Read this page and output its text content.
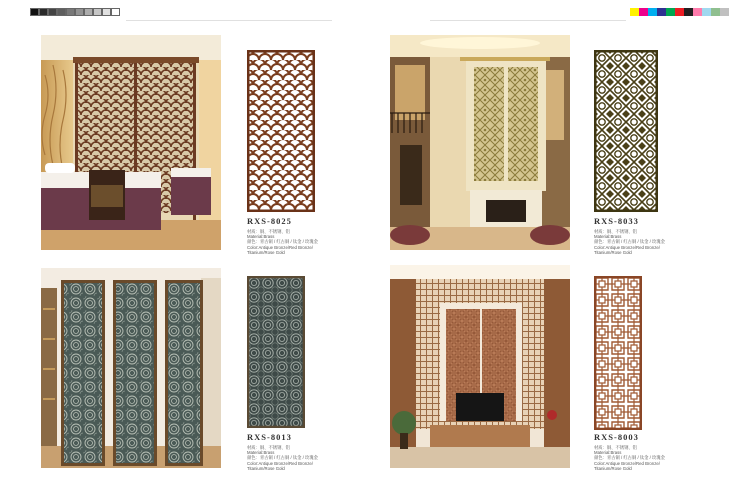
RXS-8025
材质：铜、不锈钢、铝
Material:Brass
颜色：青古铜 / 红古铜 / 钛金 / 玫瑰金
Color:Antique Bronze/Red Bronze/
Titanium/Rose Gold
RXS-8033
材质：铜、不锈钢、铝
Material:Brass
颜色：青古铜 / 红古铜 / 钛金 / 玫瑰金
Color:Antique Bronze/Red Bronze/
Titanium/Rose Gold
RXS-8013
材质：铜、不锈钢、铝
Material:Brass
颜色：青古铜 / 红古铜 / 钛金 / 玫瑰金
Color:Antique Bronze/Red Bronze/
Titanium/Rose Gold
RXS-8003
材质：铜、不锈钢、铝
Material:Brass
颜色：青古铜 / 红古铜 / 钛金 / 玫瑰金
Color:Antique Bronze/Red Bronze/
Titanium/Rose Gold
